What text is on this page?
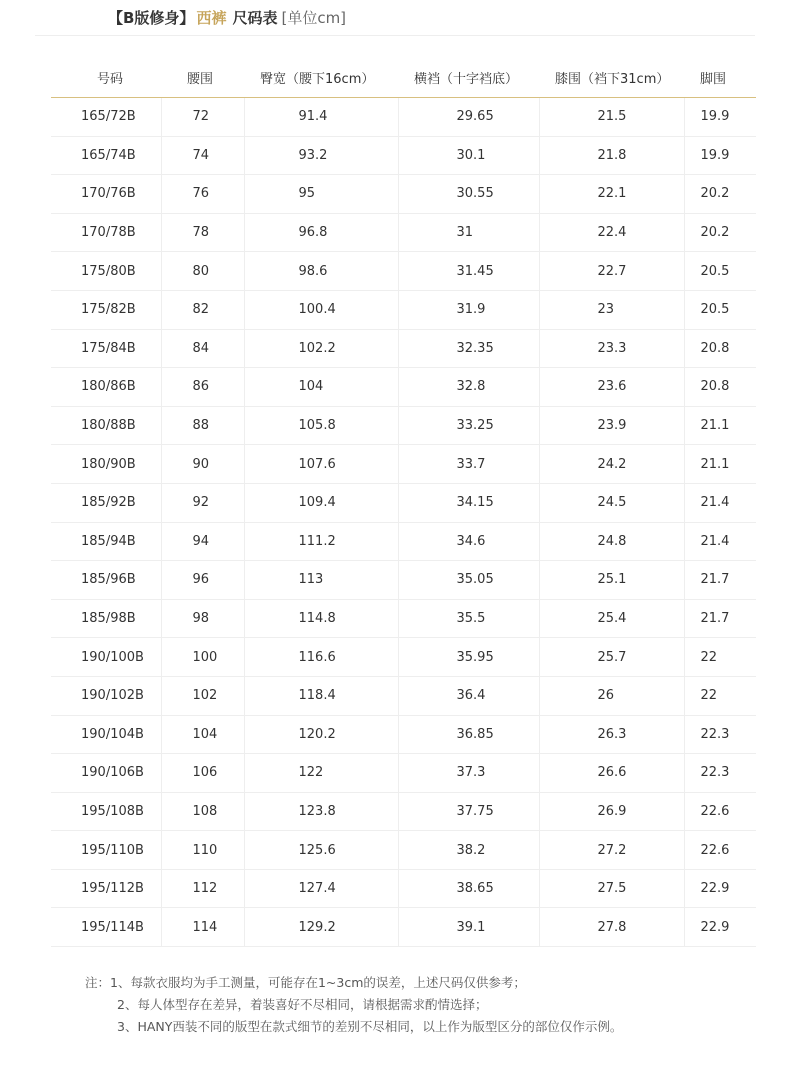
【B版修身】 西裤 尺码表 [单位cm]
号码	腰围	臀宽（腰下16cm）	横裆（十字裆底）	膝围（裆下31cm）	脚围
165/72B	72	91.4	29.65	21.5	19.9
165/74B	74	93.2	30.1	21.8	19.9
170/76B	76	95	30.55	22.1	20.2
170/78B	78	96.8	31	22.4	20.2
175/80B	80	98.6	31.45	22.7	20.5
175/82B	82	100.4	31.9	23	20.5
175/84B	84	102.2	32.35	23.3	20.8
180/86B	86	104	32.8	23.6	20.8
180/88B	88	105.8	33.25	23.9	21.1
180/90B	90	107.6	33.7	24.2	21.1
185/92B	92	109.4	34.15	24.5	21.4
185/94B	94	111.2	34.6	24.8	21.4
185/96B	96	113	35.05	25.1	21.7
185/98B	98	114.8	35.5	25.4	21.7
190/100B	100	116.6	35.95	25.7	22
190/102B	102	118.4	36.4	26	22
190/104B	104	120.2	36.85	26.3	22.3
190/106B	106	122	37.3	26.6	22.3
195/108B	108	123.8	37.75	26.9	22.6
195/110B	110	125.6	38.2	27.2	22.6
195/112B	112	127.4	38.65	27.5	22.9
195/114B	114	129.2	39.1	27.8	22.9
注：1、每款衣服均为手工测量，可能存在1~3cm的误差，上述尺码仅供参考；
2、每人体型存在差异，着装喜好不尽相同，请根据需求酌情选择；
3、HANY西装不同的版型在款式细节的差别不尽相同，以上作为版型区分的部位仅作示例。
